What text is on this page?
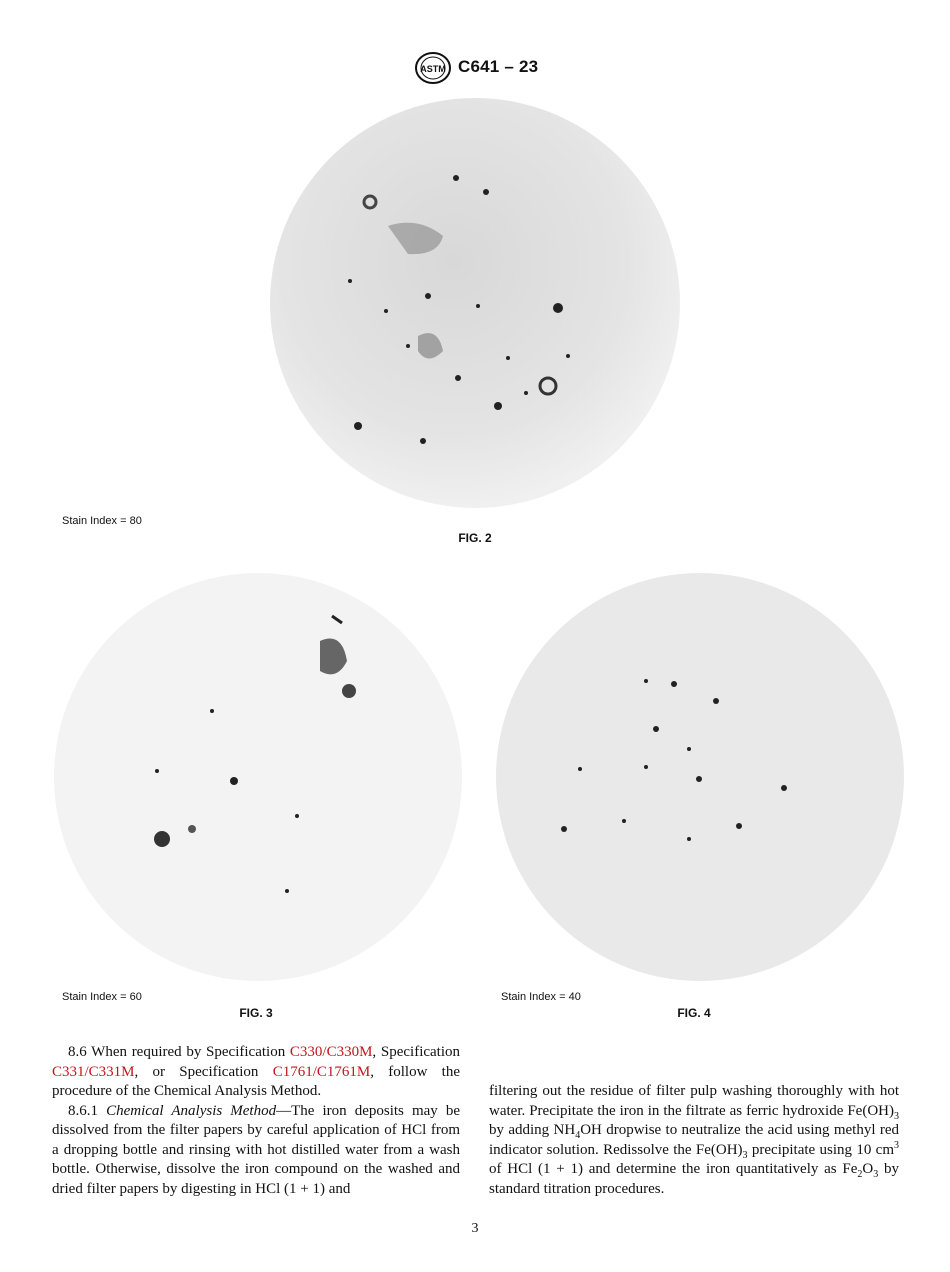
ASTM C641 – 23
Stain Index = 80
FIG. 2
Stain Index = 60
FIG. 3
Stain Index = 40
FIG. 4

8.6 When required by Specification C330/C330M, Specification C331/C331M, or Specification C1761/C1761M, follow the procedure of the Chemical Analysis Method.

8.6.1 Chemical Analysis Method—The iron deposits may be dissolved from the filter papers by careful application of HCl from a dropping bottle and rinsing with hot distilled water from a wash bottle. Otherwise, dissolve the iron compound on the washed and dried filter papers by digesting in HCl (1 + 1) and

filtering out the residue of filter pulp washing thoroughly with hot water. Precipitate the iron in the filtrate as ferric hydroxide $Fe(OH)_3$ by adding $NH_4OH$ dropwise to neutralize the acid using methyl red indicator solution. Redissolve the $Fe(OH)_3$ precipitate using 10 $cm^3$ of HCl (1 + 1) and determine the iron quantitatively as $Fe_2O_3$ by standard titration procedures.

3
